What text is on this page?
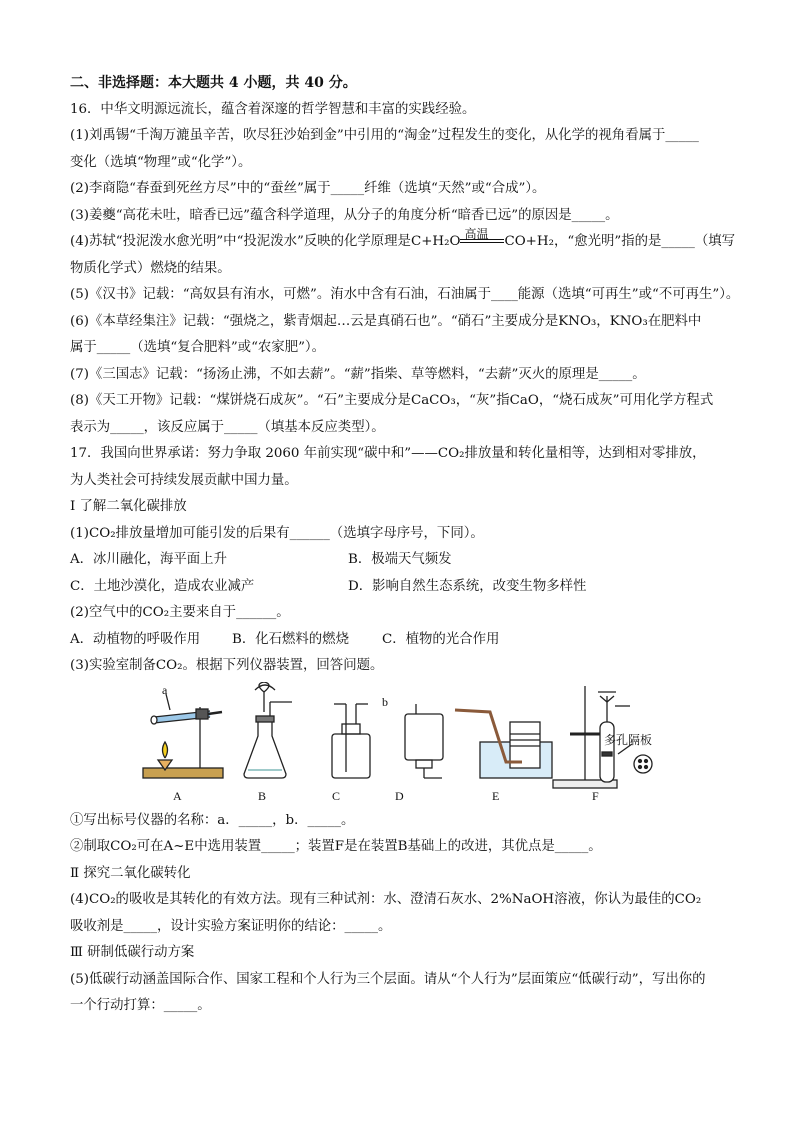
二、非选择题：本大题共 4 小题，共 40 分。
16．中华文明源远流长，蕴含着深邃的哲学智慧和丰富的实践经验。
(1)刘禹锡“千淘万漉虽辛苦，吹尽狂沙始到金”中引用的“淘金”过程发生的变化，从化学的视角看属于_____
变化（选填“物理”或“化学”）。
(2)李商隐“春蚕到死丝方尽”中的“蚕丝”属于_____纤维（选填“天然”或“合成”）。
(3)姜夔“高花未吐，暗香已远”蕴含科学道理，从分子的角度分析“暗香已远”的原因是_____。
(4)苏轼“投泥泼水愈光明”中“投泥泼水”反映的化学原理是C+H₂O
高温
CO+H₂，“愈光明”指的是_____（填写
物质化学式）燃烧的结果。
(5)《汉书》记载：“高奴县有洧水，可燃”。洧水中含有石油，石油属于____能源（选填“可再生”或“不可再生”）。
(6)《本草经集注》记载：“强烧之，紫青烟起…云是真硝石也”。“硝石”主要成分是KNO₃，KNO₃在肥料中
属于_____（选填“复合肥料”或“农家肥”）。
(7)《三国志》记载：“扬汤止沸，不如去薪”。“薪”指柴、草等燃料，“去薪”灭火的原理是_____。
(8)《天工开物》记载：“煤饼烧石成灰”。“石”主要成分是CaCO₃，“灰”指CaO，“烧石成灰”可用化学方程式
表示为_____，该反应属于_____（填基本反应类型）。
17．我国向世界承诺：努力争取 2060 年前实现“碳中和”——CO₂排放量和转化量相等，达到相对零排放，
为人类社会可持续发展贡献中国力量。
Ⅰ 了解二氧化碳排放
(1)CO₂排放量增加可能引发的后果有______（选填字母序号，下同）。
A．冰川融化，海平面上升	B．极端天气频发
C．土地沙漠化，造成农业减产	D．影响自然生态系统，改变生物多样性
(2)空气中的CO₂主要来自于______。
A．动植物的呼吸作用 B．化石燃料的燃烧 C．植物的光合作用
(3)实验室制备CO₂。根据下列仪器装置，回答问题。
a
b
多孔隔板
A	B	C	D	E	F
①写出标号仪器的名称：a．_____，b．_____。
②制取CO₂可在A~E中选用装置_____；装置F是在装置B基础上的改进，其优点是_____。
Ⅱ 探究二氧化碳转化
(4)CO₂的吸收是其转化的有效方法。现有三种试剂：水、澄清石灰水、2%NaOH溶液，你认为最佳的CO₂
吸收剂是_____，设计实验方案证明你的结论：_____。
Ⅲ 研制低碳行动方案
(5)低碳行动涵盖国际合作、国家工程和个人行为三个层面。请从“个人行为”层面策应“低碳行动”，写出你的
一个行动打算：_____。
